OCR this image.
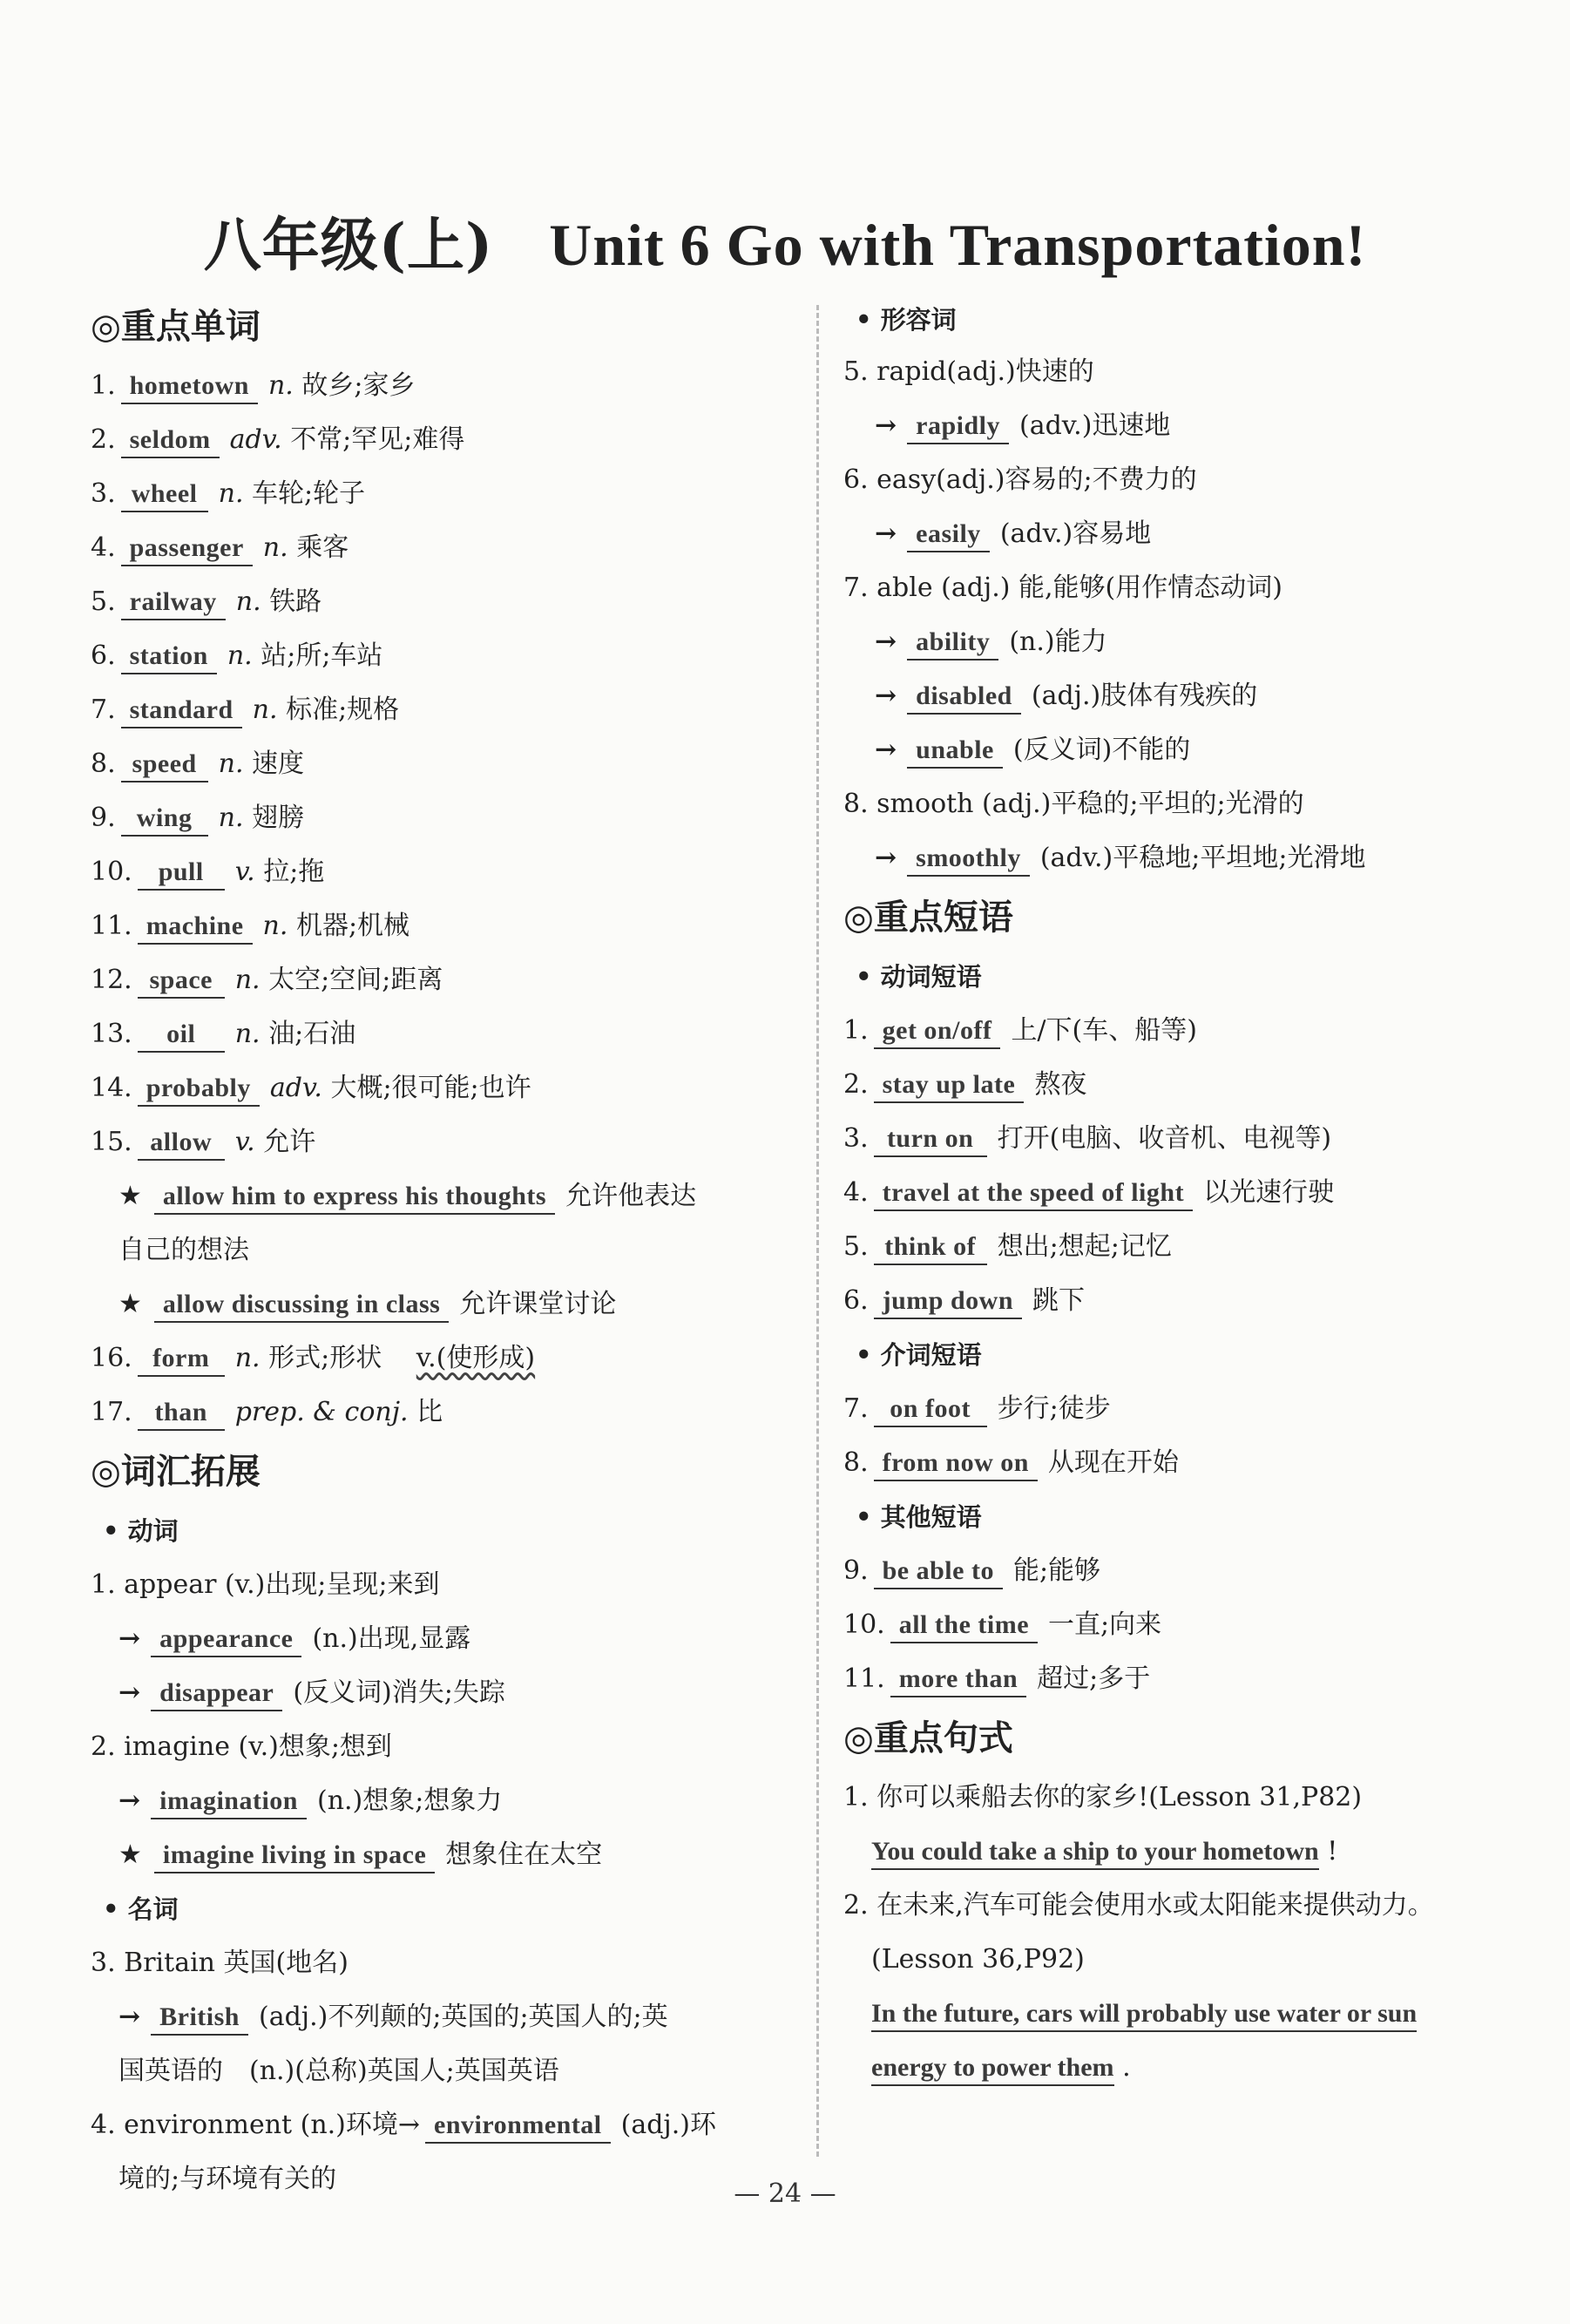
八年级(上) Unit 6 Go with Transportation!
◎重点单词
1. hometown n. 故乡;家乡
2. seldom adv. 不常;罕见;难得
3. wheel n. 车轮;轮子
4. passenger n. 乘客
5. railway n. 铁路
6. station n. 站;所;车站
7. standard n. 标准;规格
8. speed n. 速度
9. wing n. 翅膀
10. pull v. 拉;拖
11. machine n. 机器;机械
12. space n. 太空;空间;距离
13. oil n. 油;石油
14. probably adv. 大概;很可能;也许
15. allow v. 允许
★ allow him to express his thoughts 允许他表达
自己的想法
★ allow discussing in class 允许课堂讨论
16. form n. 形式;形状　 v.(使形成)
17. than prep. & conj. 比
◎词汇拓展
• 动词
1. appear (v.)出现;呈现;来到
→ appearance (n.)出现,显露
→ disappear (反义词)消失;失踪
2. imagine (v.)想象;想到
→ imagination (n.)想象;想象力
★ imagine living in space 想象住在太空
• 名词
3. Britain 英国(地名)
→ British (adj.)不列颠的;英国的;英国人的;英
国英语的　(n.)(总称)英国人;英国英语
4. environment (n.)环境→ environmental (adj.)环
境的;与环境有关的
• 形容词
5. rapid(adj.)快速的
→ rapidly (adv.)迅速地
6. easy(adj.)容易的;不费力的
→ easily (adv.)容易地
7. able (adj.) 能,能够(用作情态动词)
→ ability (n.)能力
→ disabled (adj.)肢体有残疾的
→ unable (反义词)不能的
8. smooth (adj.)平稳的;平坦的;光滑的
→ smoothly (adv.)平稳地;平坦地;光滑地
◎重点短语
• 动词短语
1. get on/off 上/下(车、船等)
2. stay up late 熬夜
3. turn on 打开(电脑、收音机、电视等)
4. travel at the speed of light 以光速行驶
5. think of 想出;想起;记忆
6. jump down 跳下
• 介词短语
7. on foot 步行;徒步
8. from now on 从现在开始
• 其他短语
9. be able to 能;能够
10. all the time 一直;向来
11. more than 超过;多于
◎重点句式
1. 你可以乘船去你的家乡!(Lesson 31,P82)
You could take a ship to your hometown !
2. 在未来,汽车可能会使用水或太阳能来提供动力。
(Lesson 36,P92)
In the future, cars will probably use water or sun
energy to power them .
— 24 —
